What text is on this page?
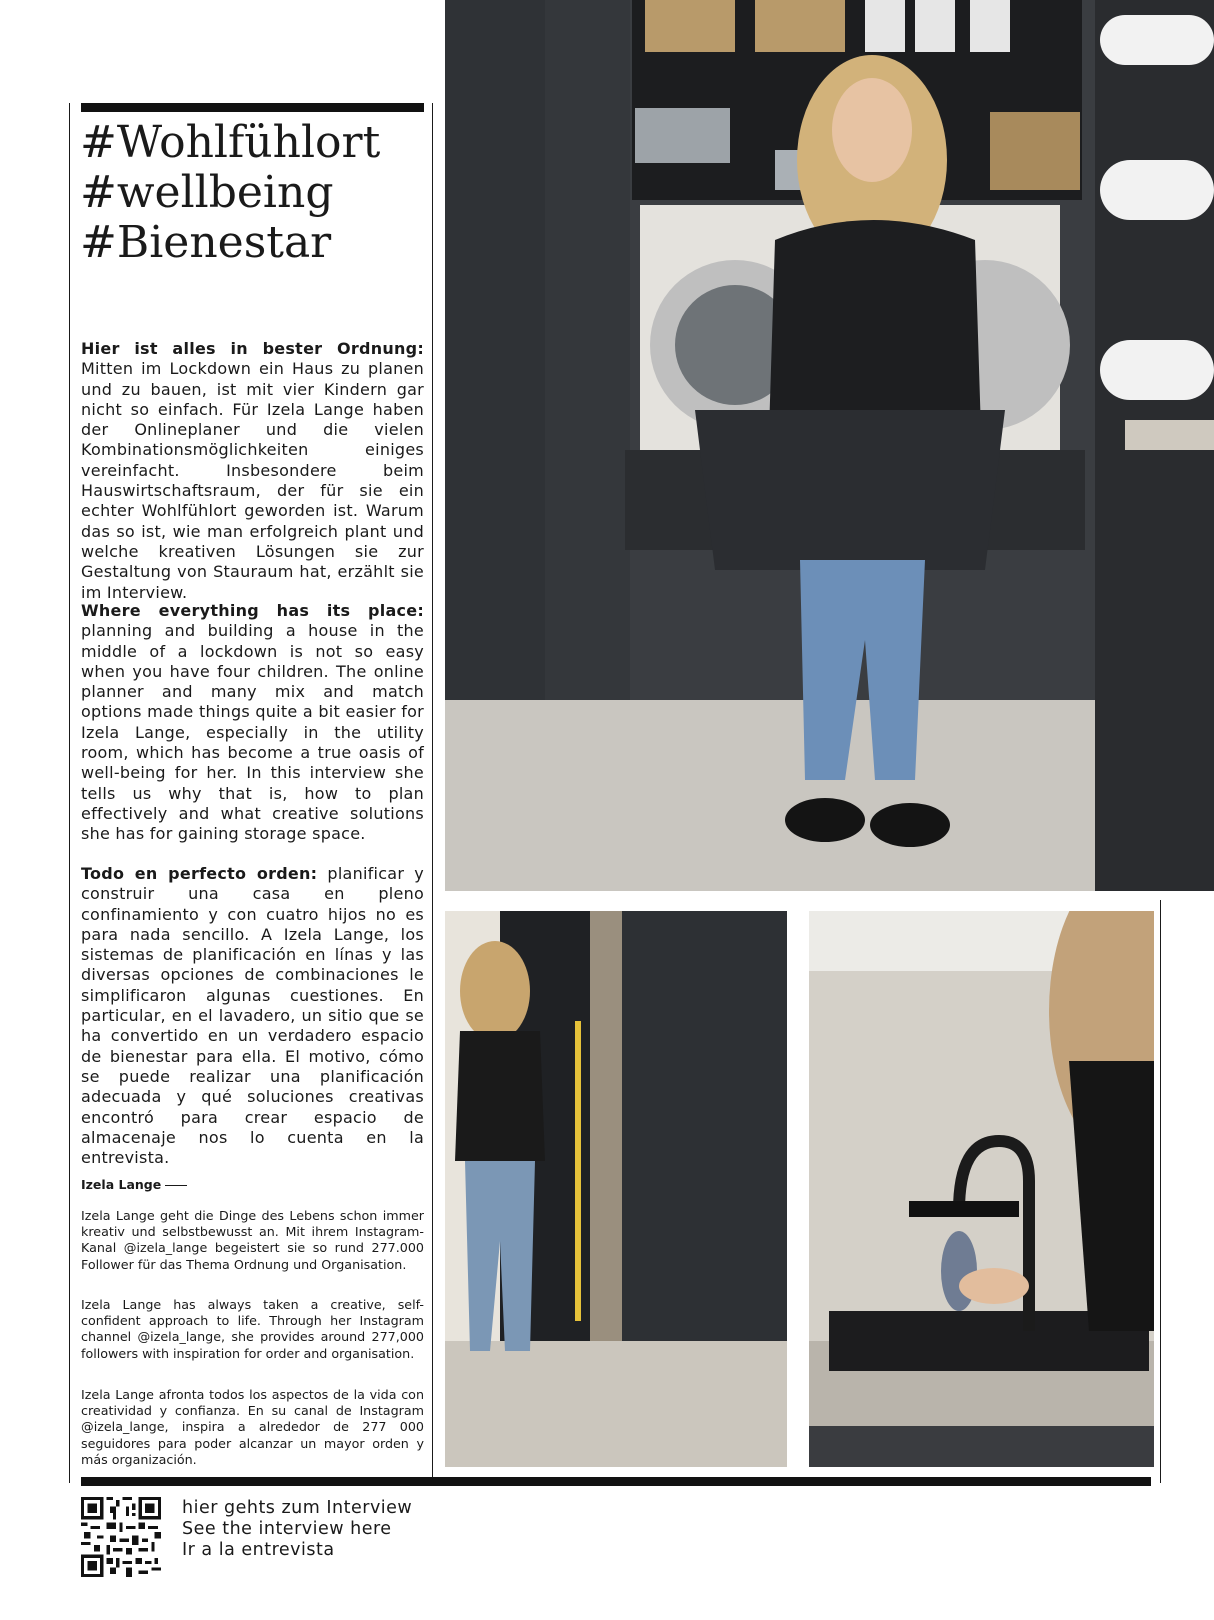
#Wohlfühlort
#wellbeing
#Bienestar
Hier ist alles in bester Ordnung: Mitten im Lockdown ein Haus zu planen und zu bauen, ist mit vier Kindern gar nicht so einfach. Für Izela Lange haben der Onlineplaner und die vielen Kombinationsmöglichkeiten einiges vereinfacht. Insbesondere beim Hauswirtschaftsraum, der für sie ein echter Wohlfühlort geworden ist. Warum das so ist, wie man erfolgreich plant und welche kreativen Lösungen sie zur Gestaltung von Stauraum hat, erzählt sie im Interview.
Where everything has its place: planning and building a house in the middle of a lockdown is not so easy when you have four children. The online planner and many mix and match options made things quite a bit easier for Izela Lange, especially in the utility room, which has become a true oasis of well-being for her. In this interview she tells us why that is, how to plan effectively and what creative solutions she has for gaining storage space.
Todo en perfecto orden: planificar y construir una casa en pleno confinamiento y con cuatro hijos no es para nada sencillo. A Izela Lange, los sistemas de planificación en línas y las diversas opciones de combinaciones le simplificaron algunas cuestiones. En particular, en el lavadero, un sitio que se ha convertido en un verdadero espacio de bienestar para ella. El motivo, cómo se puede realizar una planificación adecuada y qué soluciones creativas encontró para crear espacio de almacenaje nos lo cuenta en la entrevista.
Izela Lange
Izela Lange geht die Dinge des Lebens schon immer kreativ und selbstbewusst an. Mit ihrem Instagram-Kanal @izela_lange begeistert sie so rund 277.000 Follower für das Thema Ordnung und Organisation.
Izela Lange has always taken a creative, self-confident approach to life. Through her Instagram channel @izela_lange, she provides around 277,000 followers with inspiration for order and organisation.
Izela Lange afronta todos los aspectos de la vida con creatividad y confianza. En su canal de Instagram @izela_lange, inspira a alrededor de 277 000 seguidores para poder alcanzar un mayor orden y más organización.
hier gehts zum Interview
See the interview here
Ir a la entrevista
